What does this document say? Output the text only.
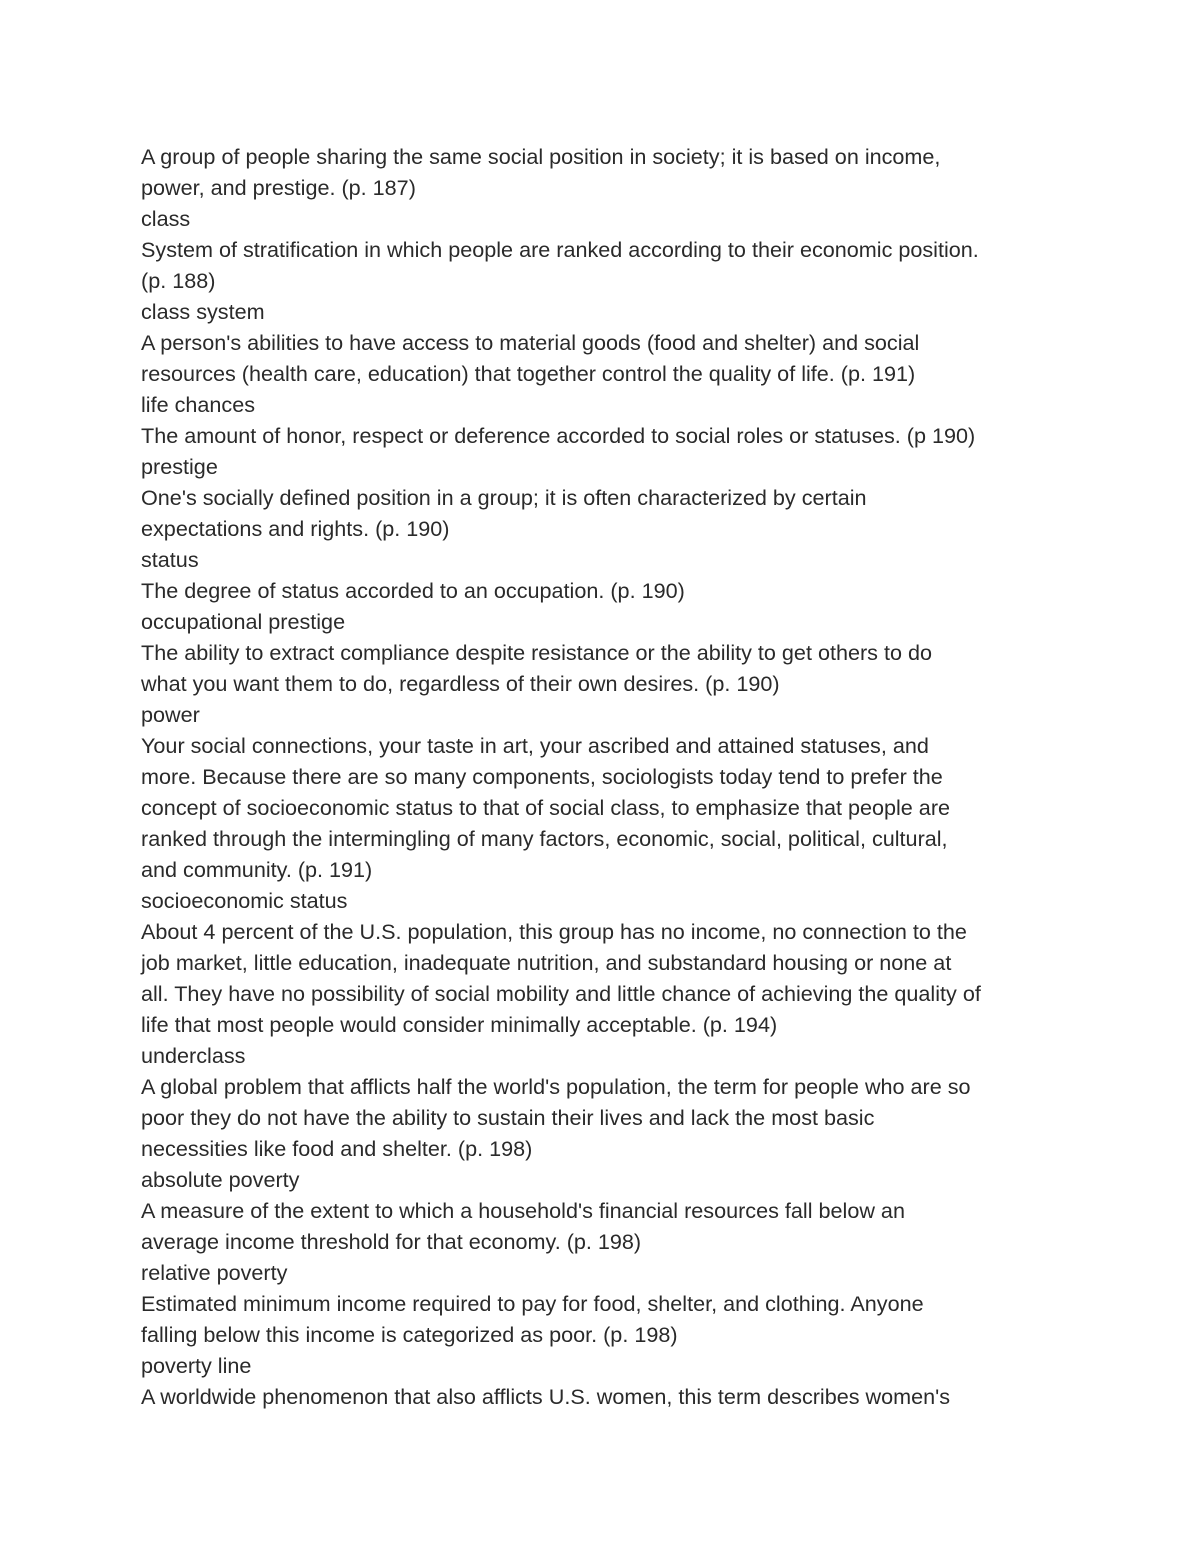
A group of people sharing the same social position in society; it is based on income,
power, and prestige. (p. 187)
class
System of stratification in which people are ranked according to their economic position.
(p. 188)
class system
A person's abilities to have access to material goods (food and shelter) and social
resources (health care, education) that together control the quality of life. (p. 191)
life chances
The amount of honor, respect or deference accorded to social roles or statuses. (p 190)
prestige
One's socially defined position in a group; it is often characterized by certain
expectations and rights. (p. 190)
status
The degree of status accorded to an occupation. (p. 190)
occupational prestige
The ability to extract compliance despite resistance or the ability to get others to do
what you want them to do, regardless of their own desires. (p. 190)
power
Your social connections, your taste in art, your ascribed and attained statuses, and
more. Because there are so many components, sociologists today tend to prefer the
concept of socioeconomic status to that of social class, to emphasize that people are
ranked through the intermingling of many factors, economic, social, political, cultural,
and community. (p. 191)
socioeconomic status
About 4 percent of the U.S. population, this group has no income, no connection to the
job market, little education, inadequate nutrition, and substandard housing or none at
all. They have no possibility of social mobility and little chance of achieving the quality of
life that most people would consider minimally acceptable. (p. 194)
underclass
A global problem that afflicts half the world's population, the term for people who are so
poor they do not have the ability to sustain their lives and lack the most basic
necessities like food and shelter. (p. 198)
absolute poverty
A measure of the extent to which a household's financial resources fall below an
average income threshold for that economy. (p. 198)
relative poverty
Estimated minimum income required to pay for food, shelter, and clothing. Anyone
falling below this income is categorized as poor. (p. 198)
poverty line
A worldwide phenomenon that also afflicts U.S. women, this term describes women's
